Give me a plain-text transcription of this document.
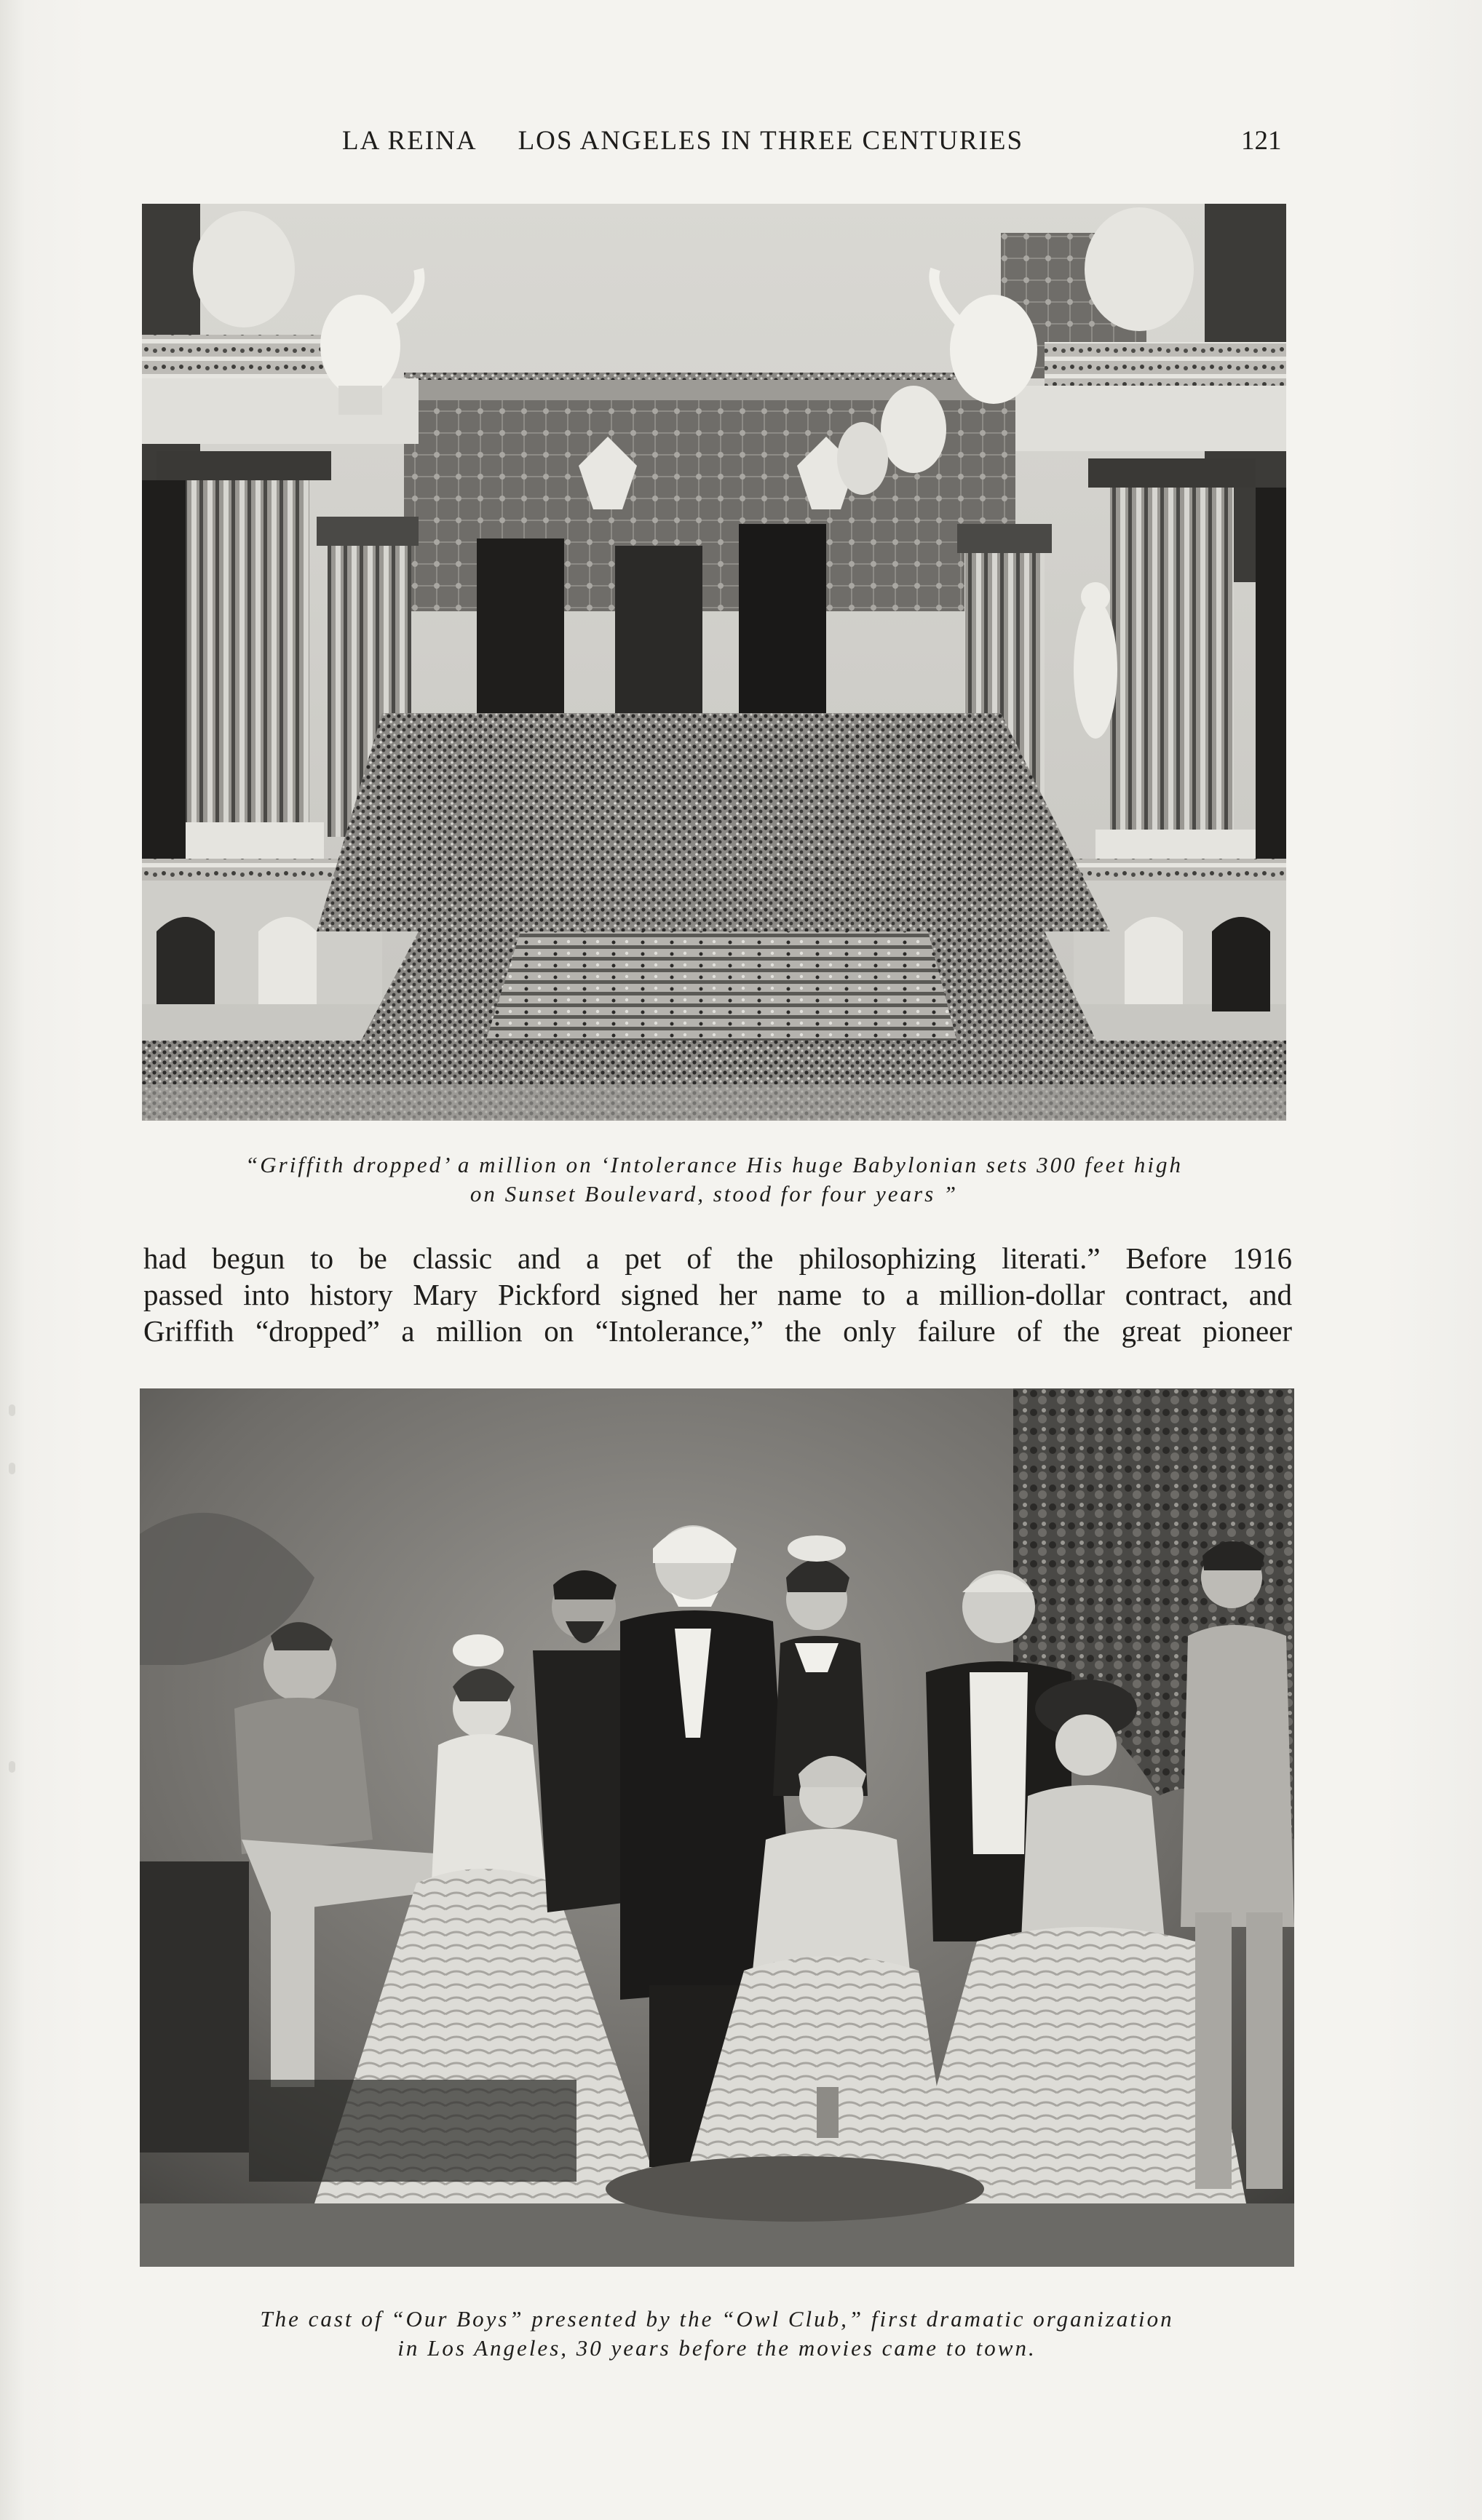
LA REINA LOS ANGELES IN THREE CENTURIES	121
“Griffith dropped’ a million on ‘Intolerance His huge Babylonian sets 300 feet high
on Sunset Boulevard, stood for four years ”
had begun to be classic and a pet of the philosophizing literati.” Before 1916
passed into history Mary Pickford signed her name to a million-dollar contract, and
Griffith “dropped” a million on “Intolerance,” the only failure of the great pioneer
The cast of “Our Boys” presented by the “Owl Club,” first dramatic organization
in Los Angeles, 30 years before the movies came to town.
